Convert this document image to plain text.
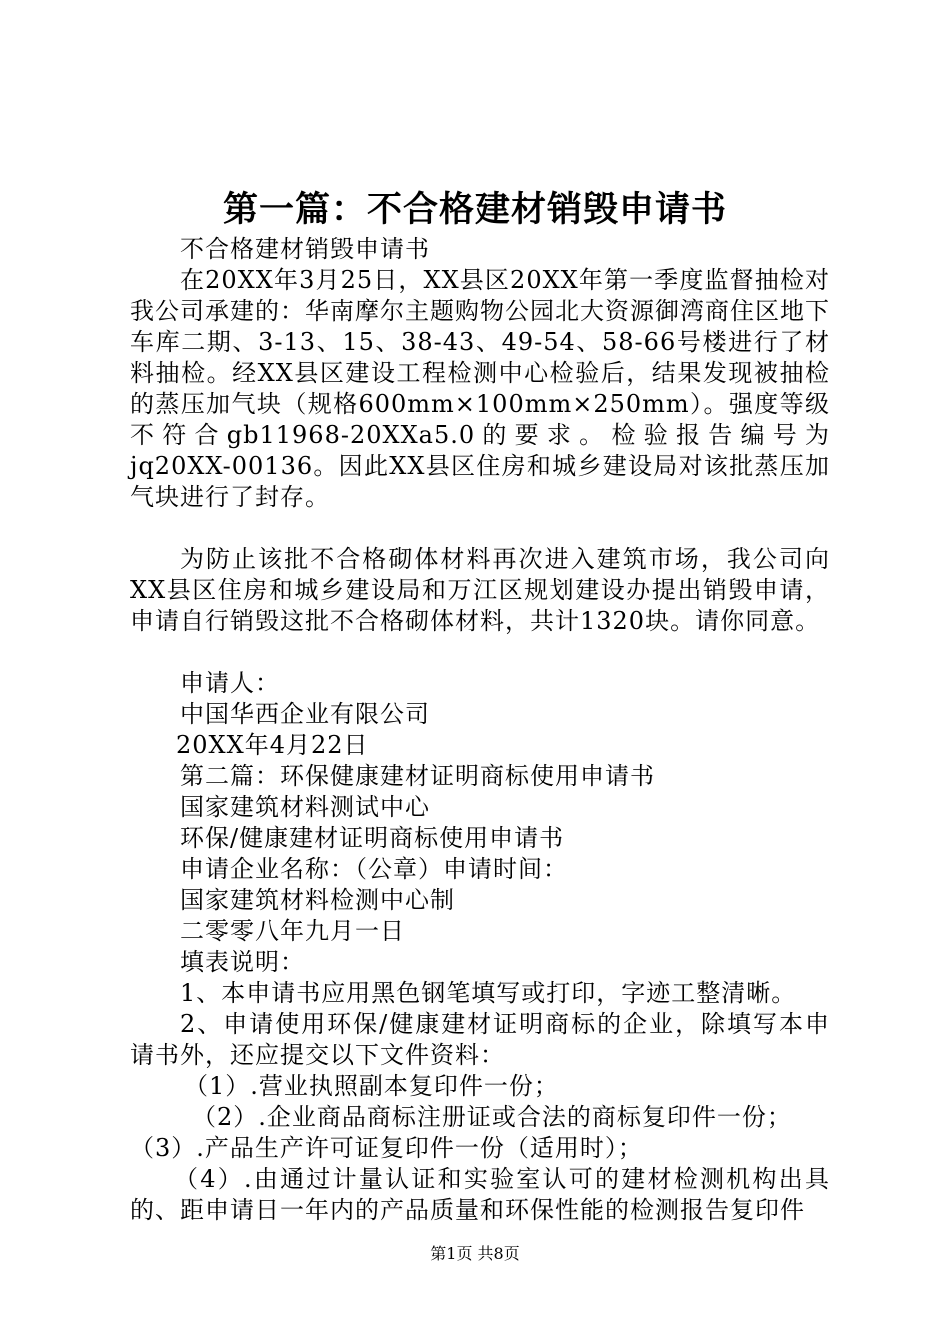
第一篇：不合格建材销毁申请书

不合格建材销毁申请书

在20XX年3月25日，XX县区20XX年第一季度监督抽检对我公司承建的：华南摩尔主题购物公园北大资源御湾商住区地下车库二期、3-13、15、38-43、49-54、58-66号楼进行了材料抽检。经XX县区建设工程检测中心检验后，结果发现被抽检的蒸压加气块（规格600mm×100mm×250mm）。强度等级不符合gb11968-20XXa5.0的要求。检验报告编号为jq20XX-00136。因此XX县区住房和城乡建设局对该批蒸压加气块进行了封存。

为防止该批不合格砌体材料再次进入建筑市场，我公司向XX县区住房和城乡建设局和万江区规划建设办提出销毁申请，申请自行销毁这批不合格砌体材料，共计1320块。请你同意。

申请人：

中国华西企业有限公司

20XX年4月22日

第二篇：环保健康建材证明商标使用申请书

国家建筑材料测试中心

环保/健康建材证明商标使用申请书

申请企业名称：（公章）申请时间：

国家建筑材料检测中心制

二零零八年九月一日

填表说明：

1、本申请书应用黑色钢笔填写或打印，字迹工整清晰。

2、申请使用环保/健康建材证明商标的企业，除填写本申请书外，还应提交以下文件资料：

（1）.营业执照副本复印件一份；

（2）.企业商品商标注册证或合法的商标复印件一份；

（3）.产品生产许可证复印件一份（适用时）；

（4）.由通过计量认证和实验室认可的建材检测机构出具的、距申请日一年内的产品质量和环保性能的检测报告复印件

第1页 共8页
